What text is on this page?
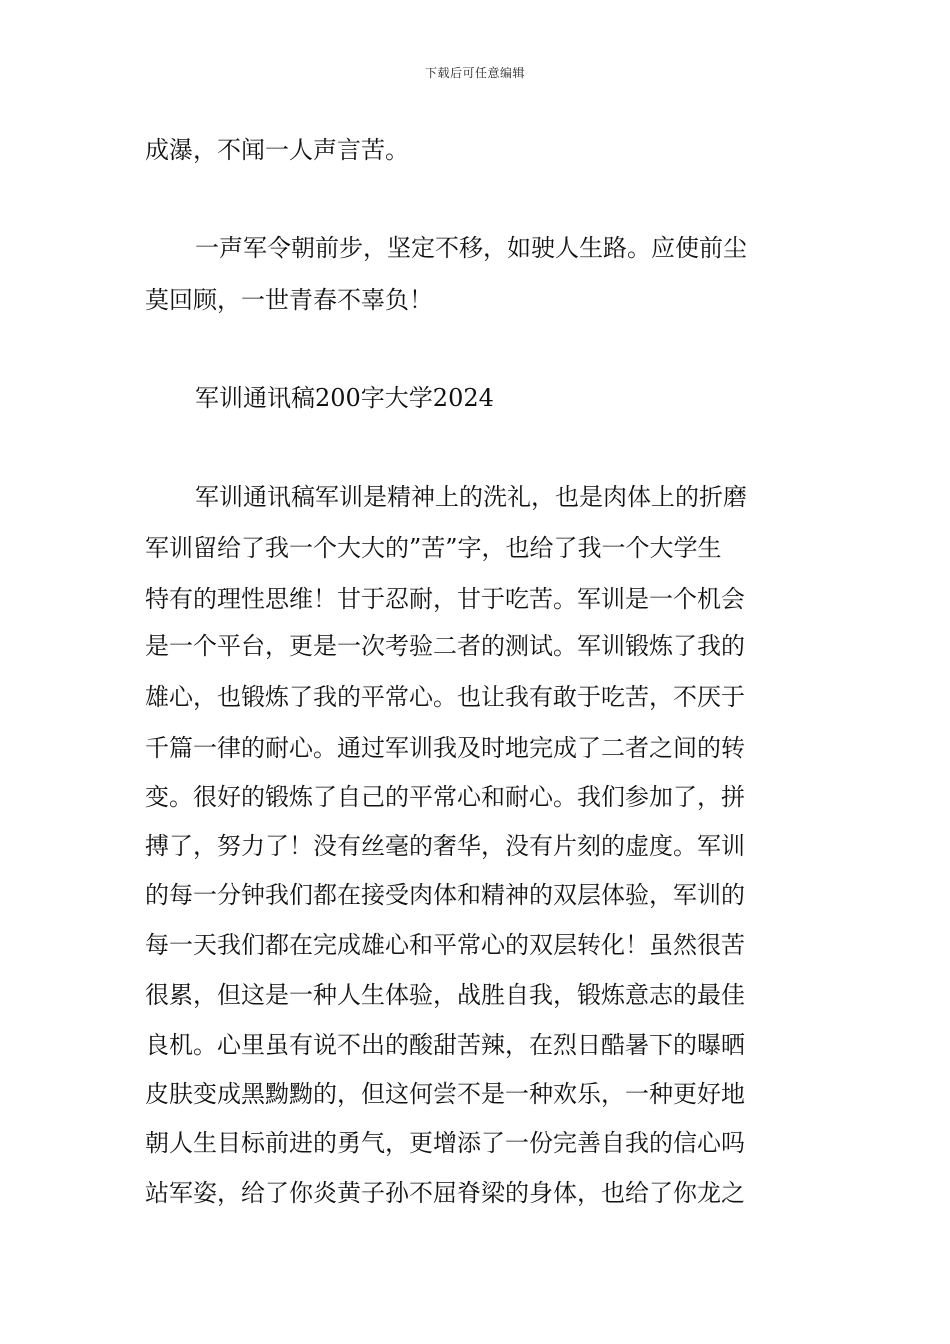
下载后可任意编辑
成瀑，不闻一人声言苦。
一声军令朝前步，坚定不移，如驶人生路。应使前尘
莫回顾，一世青春不辜负！
军训通讯稿200字大学2024
军训通讯稿军训是精神上的洗礼，也是肉体上的折磨
军训留给了我一个大大的”苦”字，也给了我一个大学生
特有的理性思维！甘于忍耐，甘于吃苦。军训是一个机会
是一个平台，更是一次考验二者的测试。军训锻炼了我的
雄心，也锻炼了我的平常心。也让我有敢于吃苦，不厌于
千篇一律的耐心。通过军训我及时地完成了二者之间的转
变。很好的锻炼了自己的平常心和耐心。我们参加了，拼
搏了，努力了！没有丝毫的奢华，没有片刻的虚度。军训
的每一分钟我们都在接受肉体和精神的双层体验，军训的
每一天我们都在完成雄心和平常心的双层转化！虽然很苦
很累，但这是一种人生体验，战胜自我，锻炼意志的最佳
良机。心里虽有说不出的酸甜苦辣，在烈日酷暑下的曝晒
皮肤变成黑黝黝的，但这何尝不是一种欢乐，一种更好地
朝人生目标前进的勇气，更增添了一份完善自我的信心吗
站军姿，给了你炎黄子孙不屈脊梁的身体，也给了你龙之
